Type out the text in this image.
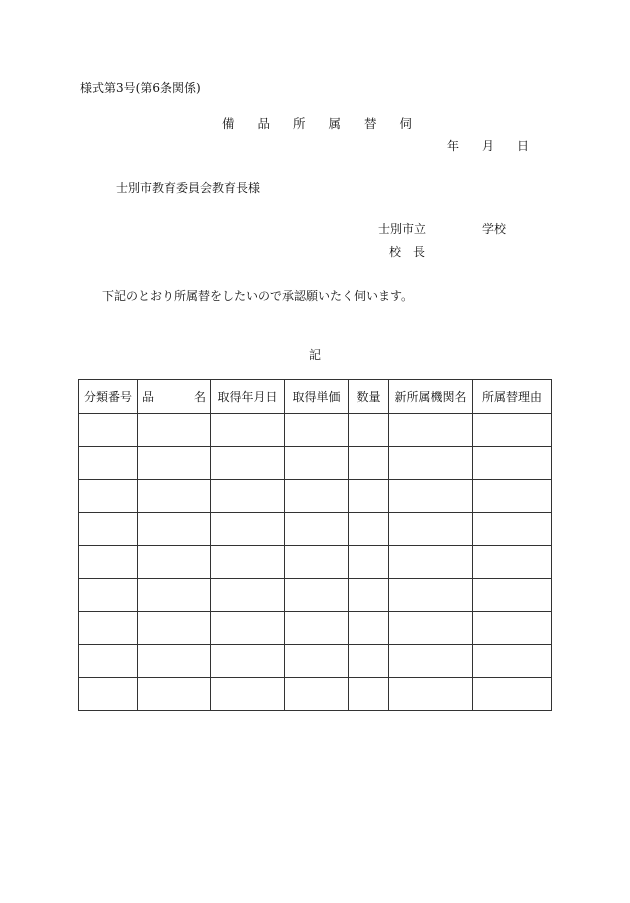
様式第3号(第6条関係)
備 品 所 属 替 伺
年 月 日
士別市教育委員会教育長様
士別市立	学校
校 長
下記のとおり所属替をしたいので承認願いたく伺います。
記
分類番号	品 名	取得年月日	取得単価	数量	新所属機関名	所属替理由
